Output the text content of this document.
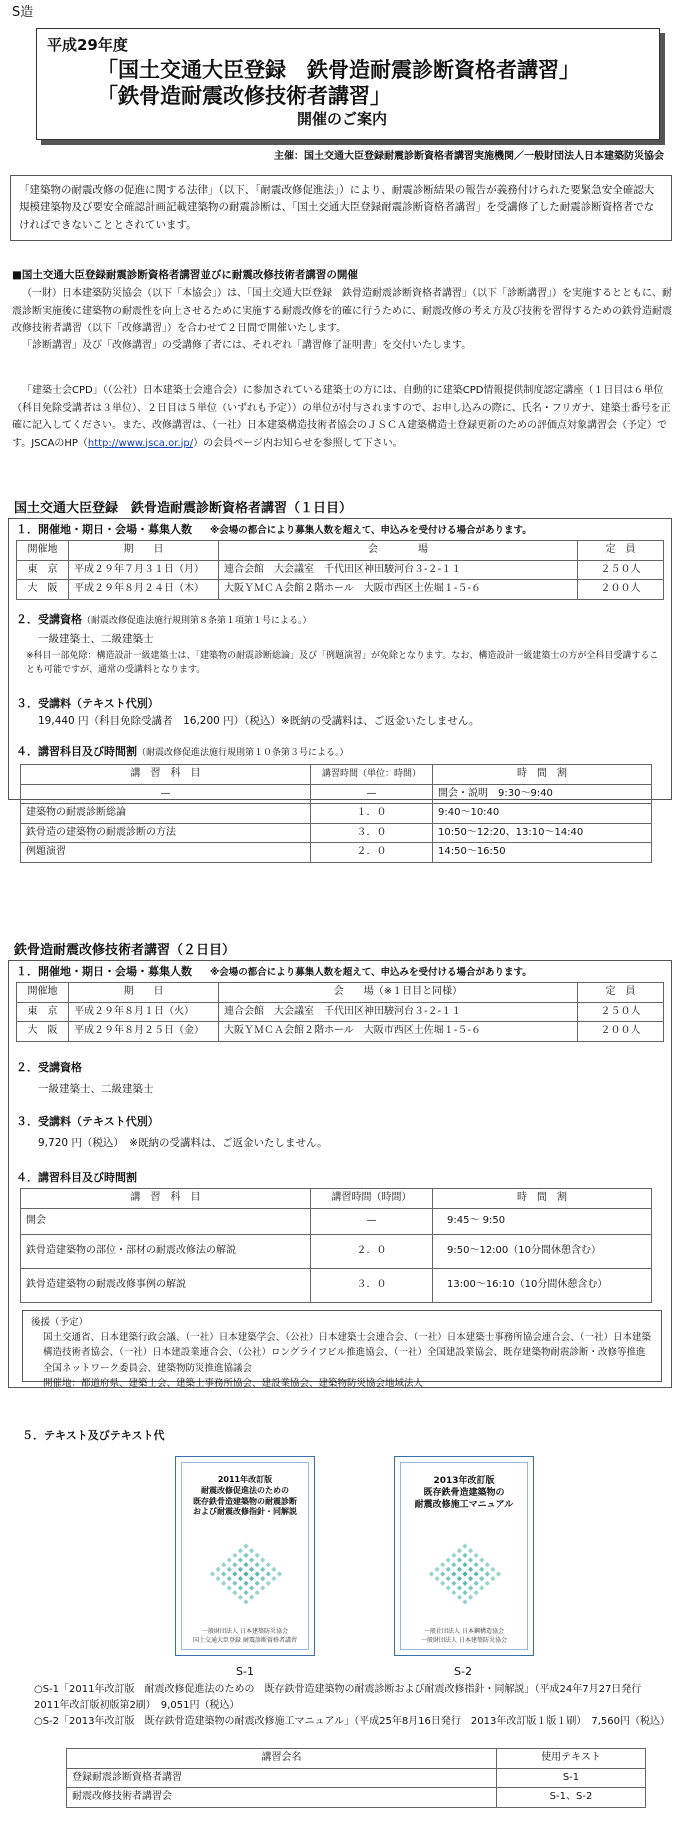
S造
平成29年度
「国土交通大臣登録　鉄骨造耐震診断資格者講習」
「鉄骨造耐震改修技術者講習」
開催のご案内
主催：国土交通大臣登録耐震診断資格者講習実施機関／一般財団法人日本建築防災協会
「建築物の耐震改修の促進に関する法律」（以下、「耐震改修促進法」）により、耐震診断結果の報告が義務付けられた要緊急安全確認大規模建築物及び要安全確認計画記載建築物の耐震診断は、「国土交通大臣登録耐震診断資格者講習」を受講修了した耐震診断資格者でなければできないこととされています。
■国土交通大臣登録耐震診断資格者講習並びに耐震改修技術者講習の開催
（一財）日本建築防災協会（以下「本協会」）は、「国土交通大臣登録　鉄骨造耐震診断資格者講習」（以下「診断講習」）を実施するとともに、耐震診断実施後に建築物の耐震性を向上させるために実施する耐震改修を的確に行うために、耐震改修の考え方及び技術を習得するための鉄骨造耐震改修技術者講習（以下「改修講習」）を合わせて２日間で開催いたします。
「診断講習」及び「改修講習」の受講修了者には、それぞれ「講習修了証明書」を交付いたします。
「建築士会CPD」（（公社）日本建築士会連合会）に参加されている建築士の方には、自動的に建築CPD情報提供制度認定講座（１日目は６単位（科目免除受講者は３単位）、２日目は５単位（いずれも予定））の単位が付与されますので、お申し込みの際に、氏名・フリガナ、建築士番号を正確に記入してください。また、改修講習は、（一社）日本建築構造技術者協会のＪＳＣＡ建築構造士登録更新のための評価点対象講習会（予定）です。JSCAのHP（http://www.jsca.or.jp/）の会員ページ内お知らせを参照して下さい。
国土交通大臣登録　鉄骨造耐震診断資格者講習（１日目）
１．開催地・期日・会場・募集人数 ※会場の都合により募集人数を超えて、申込みを受付ける場合があります。
開催地	期　　日	会　　　　場	定　員
東　京	平成２９年７月３１日（月）	連合会館　大会議室　千代田区神田駿河台３-２-１１	２５０人
大　阪	平成２９年８月２４日（木）	大阪ＹＭＣＡ会館２階ホール　大阪市西区土佐堀１-５-６	２００人
２．受講資格（耐震改修促進法施行規則第８条第１項第１号による。）
一級建築士、二級建築士
※科目一部免除：構造設計一級建築士は、「建築物の耐震診断総論」及び「例題演習」が免除となります。なお、構造設計一級建築士の方が全科目受講することも可能ですが、通常の受講料となります。
３．受講料（テキスト代別）
19,440 円（科目免除受講者　16,200 円）（税込）※既納の受講料は、ご返金いたしません。
４．講習科目及び時間割（耐震改修促進法施行規則第１０条第３号による。）
講　習　科　目	講習時間（単位：時間）	時　間　割
—	—	開会・説明　9:30～9:40
建築物の耐震診断総論	１．０	9:40～10:40
鉄骨造の建築物の耐震診断の方法	３．０	10:50～12:20、13:10～14:40
例題演習	２．０	14:50～16:50
鉄骨造耐震改修技術者講習（２日目）
１．開催地・期日・会場・募集人数 ※会場の都合により募集人数を超えて、申込みを受付ける場合があります。
開催地	期　　日	会　　場（※１日目と同様）	定　員
東　京	平成２９年８月１日（火）	連合会館　大会議室　千代田区神田駿河台３-２-１１	２５０人
大　阪	平成２９年８月２５日（金）	大阪ＹＭＣＡ会館２階ホール　大阪市西区土佐堀１-５-６	２００人
２．受講資格
一級建築士、二級建築士
３．受講料（テキスト代別）
9,720 円（税込）　※既納の受講料は、ご返金いたしません。
４．講習科目及び時間割
講　習　科　目	講習時間（時間）	時　間　割
開会	—	9:45～ 9:50
鉄骨造建築物の部位・部材の耐震改修法の解説	２．０	9:50～12:00（10分間休憩含む）
鉄骨造建築物の耐震改修事例の解説	３．０	13:00～16:10（10分間休憩含む）
後援（予定）
国土交通省、日本建築行政会議、（一社）日本建築学会、（公社）日本建築士会連合会、（一社）日本建築士事務所協会連合会、（一社）日本建築構造技術者協会、（一社）日本建設業連合会、（公社）ロングライフビル推進協会、（一社）全国建設業協会、既存建築物耐震診断・改修等推進全国ネットワーク委員会、建築物防災推進協議会
開催地：都道府県、建築士会、建築士事務所協会、建設業協会、建築物防災協会地域法人
５．テキスト及びテキスト代
2011年改訂版
耐震改修促進法のための
既存鉄骨造建築物の耐震診断
および耐震改修指針・同解説
一般財団法人 日本建築防災協会
国土交通大臣登録 耐震診断資格者講習
2013年改訂版
既存鉄骨造建築物の
耐震改修施工マニュアル
一般社団法人 日本鋼構造協会
一般財団法人 日本建築防災協会
S-1	S-2
○S-1「2011年改訂版　耐震改修促進法のための　既存鉄骨造建築物の耐震診断および耐震改修指針・同解説」（平成24年7月27日発行　2011年改訂版初版第2刷）　9,051円（税込）
○S-2「2013年改訂版　既存鉄骨造建築物の耐震改修施工マニュアル」（平成25年8月16日発行　2013年改訂版１版１刷）　7,560円（税込）
講習会名	使用テキスト
登録耐震診断資格者講習	S-1
耐震改修技術者講習会	S-1、S-2
